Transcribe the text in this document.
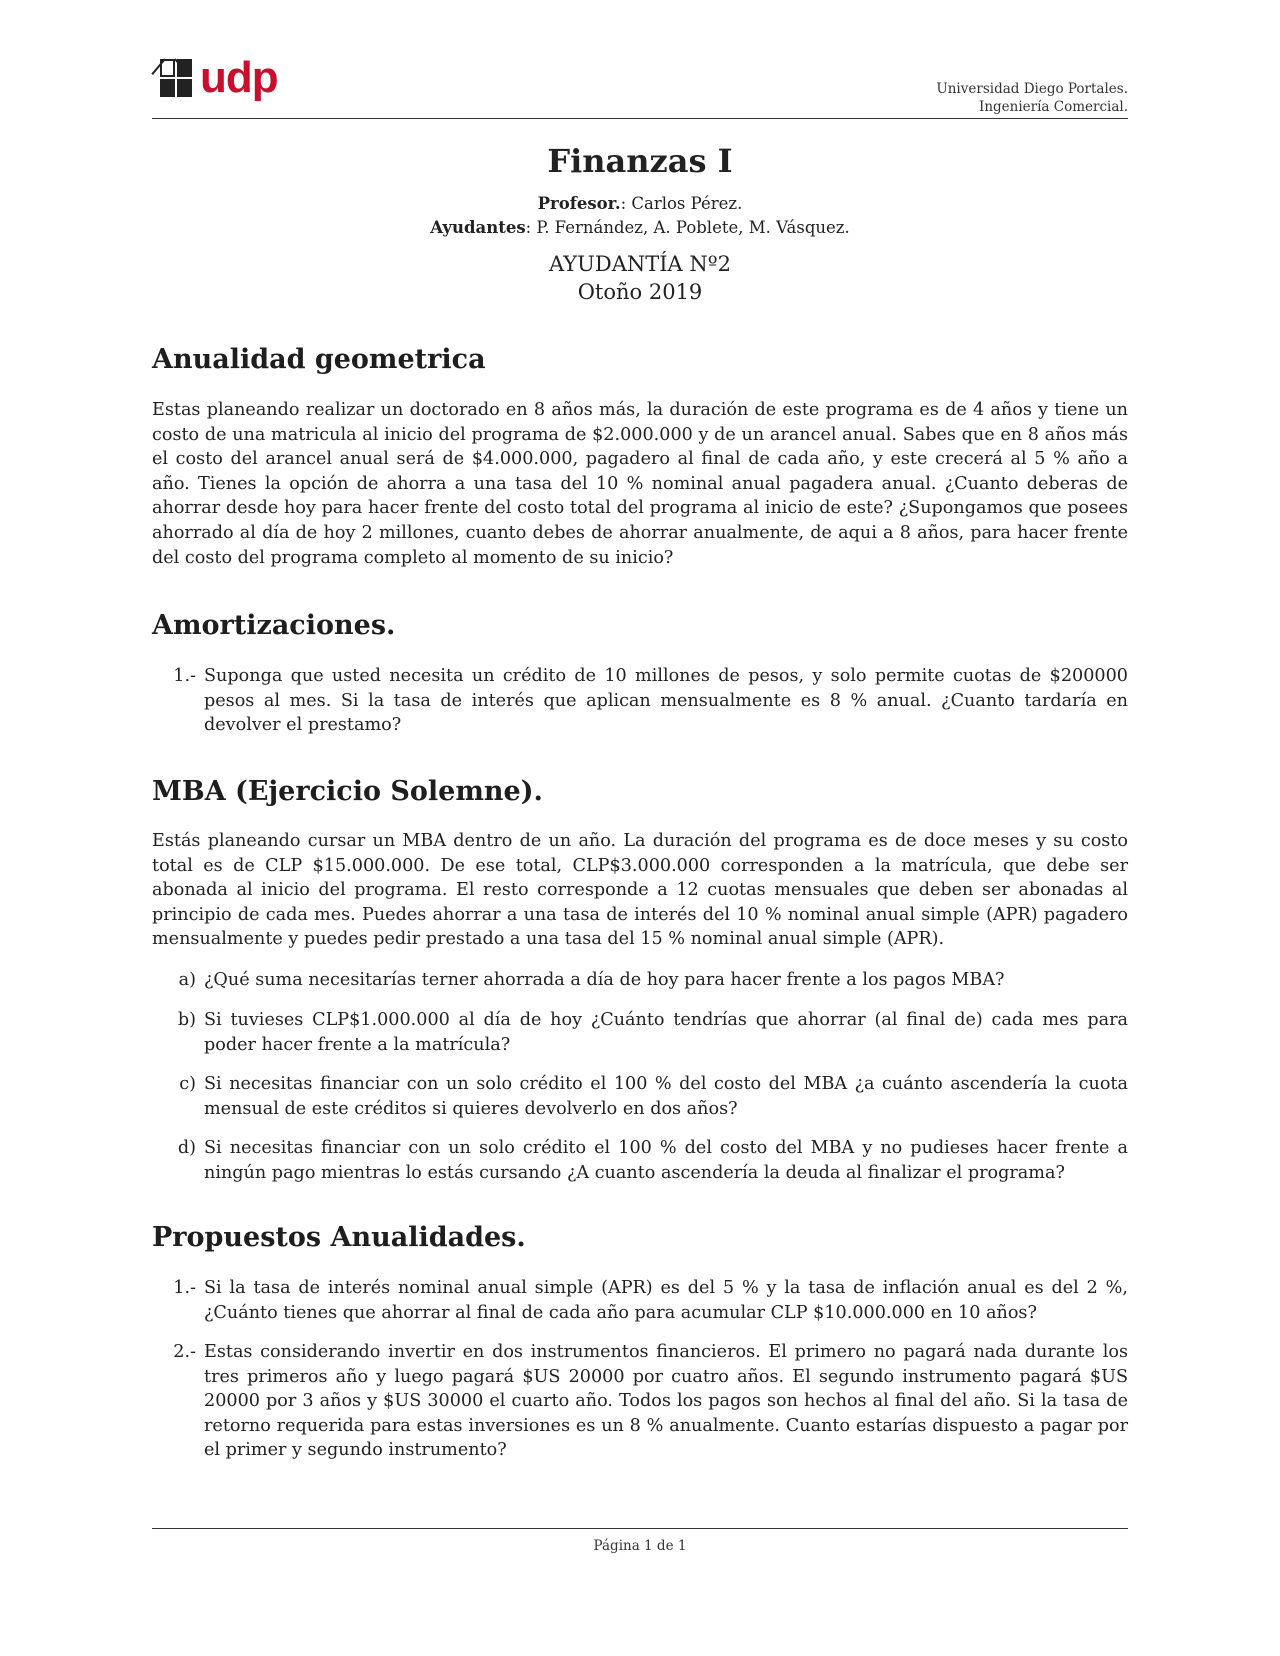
udp	Universidad Diego Portales.
Ingeniería Comercial.
Finanzas I
Profesor.: Carlos Pérez.
Ayudantes: P. Fernández, A. Poblete, M. Vásquez.
AYUDANTÍA Nº2
Otoño 2019
Anualidad geometrica

Estas planeando realizar un doctorado en 8 años más, la duración de este programa es de 4 años y tiene un costo de una matricula al inicio del programa de $2.000.000 y de un arancel anual. Sabes que en 8 años más el costo del arancel anual será de $4.000.000, pagadero al final de cada año, y este crecerá al 5 % año a año. Tienes la opción de ahorra a una tasa del 10 % nominal anual pagadera anual. ¿Cuanto deberas de ahorrar desde hoy para hacer frente del costo total del programa al inicio de este? ¿Supongamos que posees ahorrado al día de hoy 2 millones, cuanto debes de ahorrar anualmente, de aqui a 8 años, para hacer frente del costo del programa completo al momento de su inicio?

Amortizaciones.
1.- Suponga que usted necesita un crédito de 10 millones de pesos, y solo permite cuotas de $200000 pesos al mes. Si la tasa de interés que aplican mensualmente es 8 % anual. ¿Cuanto tardaría en devolver el prestamo?
MBA (Ejercicio Solemne).

Estás planeando cursar un MBA dentro de un año. La duración del programa es de doce meses y su costo total es de CLP $15.000.000. De ese total, CLP$3.000.000 corresponden a la matrícula, que debe ser abonada al inicio del programa. El resto corresponde a 12 cuotas mensuales que deben ser abonadas al principio de cada mes. Puedes ahorrar a una tasa de interés del 10 % nominal anual simple (APR) pagadero mensualmente y puedes pedir prestado a una tasa del 15 % nominal anual simple (APR).

a) ¿Qué suma necesitarías terner ahorrada a día de hoy para hacer frente a los pagos MBA?
b) Si tuvieses CLP$1.000.000 al día de hoy ¿Cuánto tendrías que ahorrar (al final de) cada mes para poder hacer frente a la matrícula?
c) Si necesitas financiar con un solo crédito el 100 % del costo del MBA ¿a cuánto ascendería la cuota mensual de este créditos si quieres devolverlo en dos años?
d) Si necesitas financiar con un solo crédito el 100 % del costo del MBA y no pudieses hacer frente a ningún pago mientras lo estás cursando ¿A cuanto ascendería la deuda al finalizar el programa?
Propuestos Anualidades.
1.- Si la tasa de interés nominal anual simple (APR) es del 5 % y la tasa de inflación anual es del 2 %, ¿Cuánto tienes que ahorrar al final de cada año para acumular CLP $10.000.000 en 10 años?
2.- Estas considerando invertir en dos instrumentos financieros. El primero no pagará nada durante los tres primeros año y luego pagará $US 20000 por cuatro años. El segundo instrumento pagará $US 20000 por 3 años y $US 30000 el cuarto año. Todos los pagos son hechos al final del año. Si la tasa de retorno requerida para estas inversiones es un 8 % anualmente. Cuanto estarías dispuesto a pagar por el primer y segundo instrumento?
Página 1 de 1
